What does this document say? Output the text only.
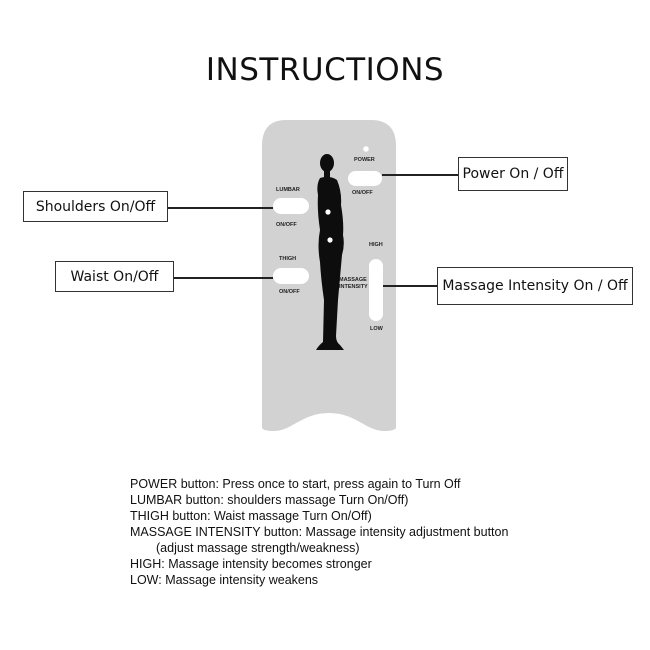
INSTRUCTIONS
POWER
ON/OFF
LUMBAR
ON/OFF
THIGH
ON/OFF
HIGH
MASSAGE
INTENSITY
LOW
Shoulders On/Off
Waist On/Off
Power On / Off
Massage Intensity On / Off
POWER button: Press once to start, press again to Turn Off
LUMBAR button: shoulders massage Turn On/Off)
THIGH button: Waist massage Turn On/Off)
MASSAGE INTENSITY button: Massage intensity adjustment button
(adjust massage strength/weakness)
HIGH: Massage intensity becomes stronger
LOW: Massage intensity weakens
